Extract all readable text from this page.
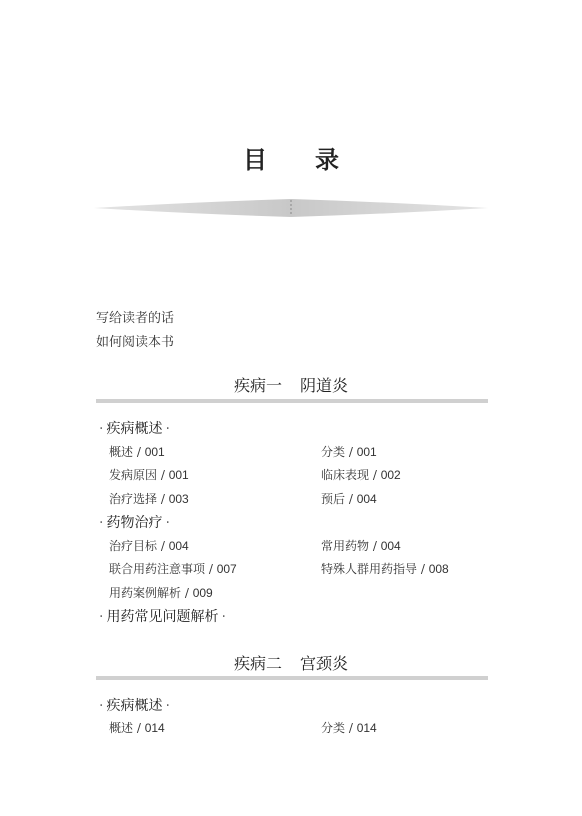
目 录
写给读者的话
如何阅读本书
疾病一 阴道炎
· 疾病概述 ·
概述 / 001	分类 / 001
发病原因 / 001	临床表现 / 002
治疗选择 / 003	预后 / 004
· 药物治疗 ·
治疗目标 / 004	常用药物 / 004
联合用药注意事项 / 007	特殊人群用药指导 / 008
用药案例解析 / 009
· 用药常见问题解析 ·
疾病二 宫颈炎
· 疾病概述 ·
概述 / 014	分类 / 014
